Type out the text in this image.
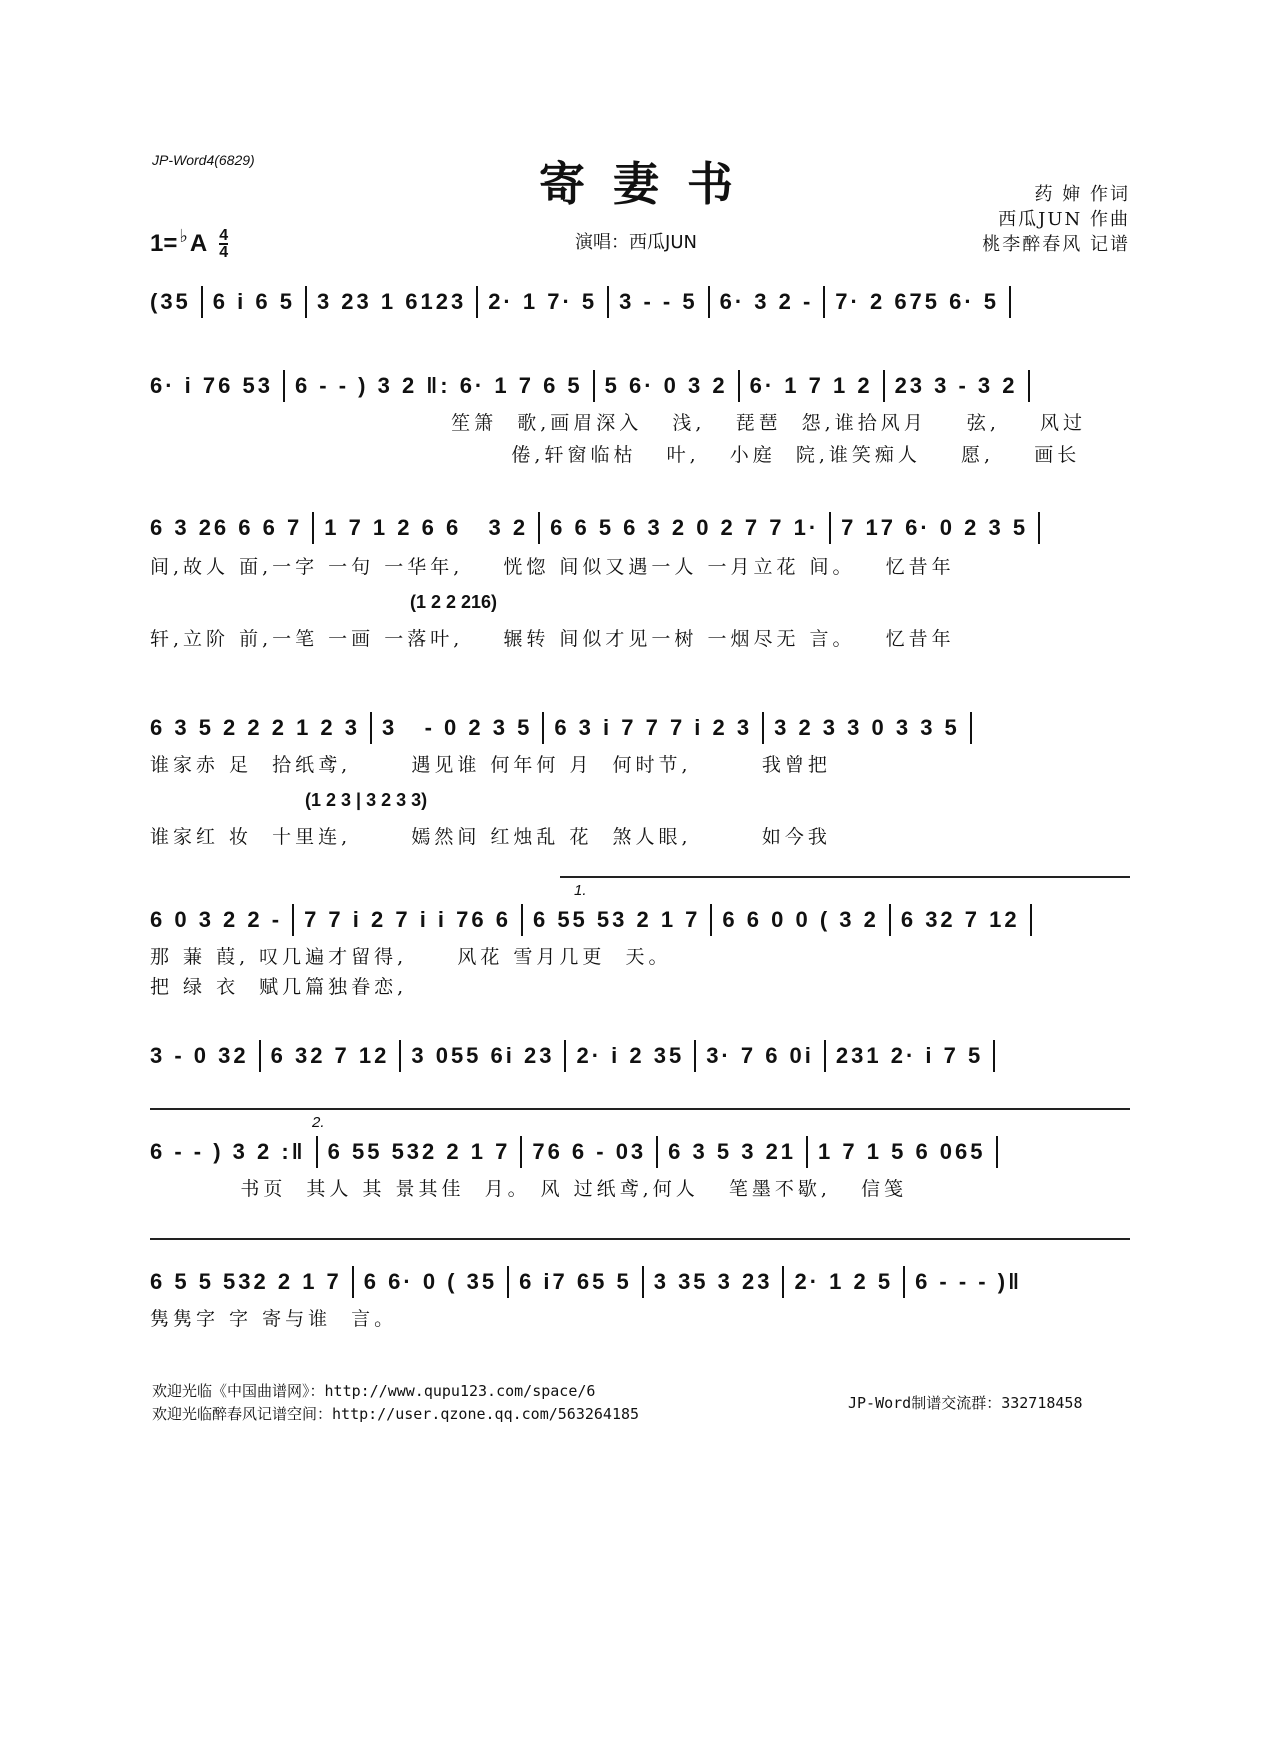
JP-Word4(6829)	寄妻书
演唱：西瓜JUN
药 婶 作词
西瓜JUN 作曲
桃李醉春风 记谱
1= ♭ A $\frac{4}{4}$
(35 6 i 6 5 3 23 1 6123 2· 1 7· 5 3 - - 5 6· 3 2 - 7· 2 675 6· 5
6· i 76 53 6 - - ) 3 2 ‖: 6· 1 7 6 5 5 6· 0 3 2 6· 1 7 1 2 23 3 - 3 2
笙箫  歌,画眉深入   浅,   琵琶  怨,谁拾风月    弦,    风过
倦,轩窗临枯   叶,   小庭  院,谁笑痴人    愿,    画长
6 3 26 6 6 7 1 7 1 2 6 6   3 2 6 6 5 6 3 2 0 2 7 7 1· 7 17 6· 0 2 3 5
间,故人 面,一字 一句 一华年,    恍惚 间似又遇一人 一月立花 间。   忆昔年
(1 2 2 216)
轩,立阶 前,一笔 一画 一落叶,    辗转 间似才见一树 一烟尽无 言。   忆昔年
6 3 5 2 2 2 1 2 3 3   - 0 2 3 5 6 3 i 7 7 7 i 2 3 3 2 3 3 0 3 3 5
谁家赤 足  拾纸鸢,      遇见谁 何年何 月  何时节,       我曾把
(1 2 3 | 3 2 3 3)
谁家红 妆  十里连,      嫣然间 红烛乱 花  煞人眼,       如今我
1.
6 0 3 2 2 - 7 7 i 2 7 i i 76 6 6 55 53 2 1 7 6 6 0 0 ( 3 2 6 32 7 12
那 蒹 葭, 叹几遍才留得,     风花 雪月几更  天。
把 绿 衣  赋几篇独眷恋,
3 - 0 32 6 32 7 12 3 055 6i 23 2· i 2 35 3· 7 6 0i 231 2· i 7 5
2.
6 - - ) 3 2 :‖ 6 55 532 2 1 7 76 6 - 03 6 3 5 3 21 1 7 1 5 6 065
书页  其人 其 景其佳  月。 风 过纸鸢,何人   笔墨不歇,   信笺
6 5 5 532 2 1 7 6 6· 0 ( 35 6 i7 65 5 3 35 3 23 2· 1 2 5 6 - - - )‖
隽隽字 字 寄与谁  言。
欢迎光临《中国曲谱网》：http://www.qupu123.com/space/6
欢迎光临醉春风记谱空间：http://user.qzone.qq.com/563264185
JP-Word制谱交流群：332718458
